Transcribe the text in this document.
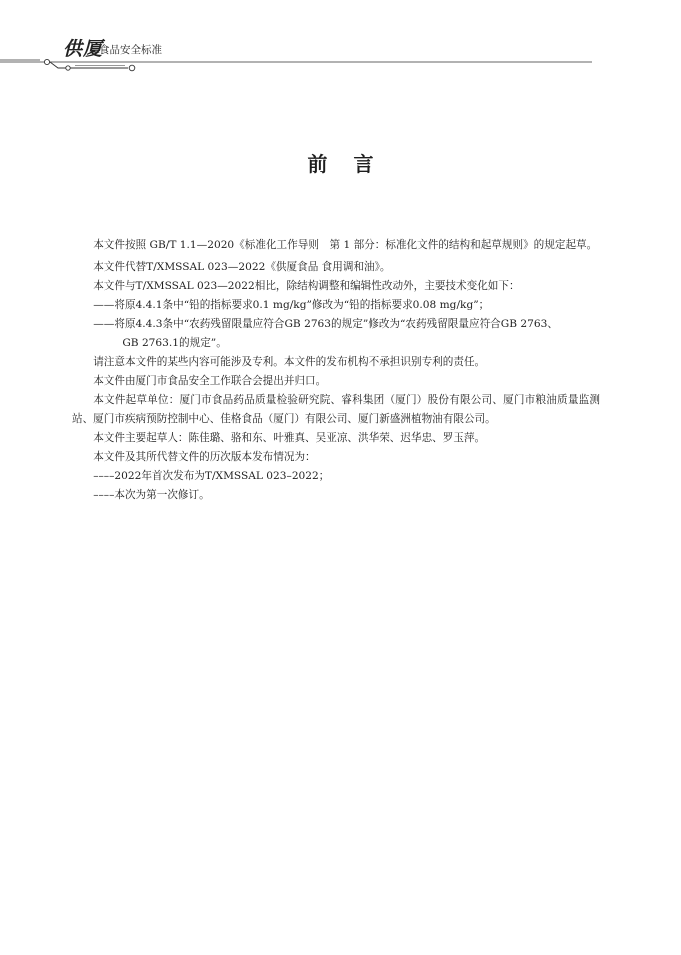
供厦
食品安全标准
前言

本文件按照 GB/T 1.1—2020《标准化工作导则　第 1 部分：标准化文件的结构和起草规则》的规定起草。

本文件代替T/XMSSAL 023—2022《供厦食品 食用调和油》。

本文件与T/XMSSAL 023—2022相比，除结构调整和编辑性改动外，主要技术变化如下：

——将原4.4.1条中“铅的指标要求0.1 mg/kg”修改为“铅的指标要求0.08 mg/kg”；

——将原4.4.3条中“农药残留限量应符合GB 2763的规定”修改为“农药残留限量应符合GB 2763、
GB 2763.1的规定”。

请注意本文件的某些内容可能涉及专利。本文件的发布机构不承担识别专利的责任。

本文件由厦门市食品安全工作联合会提出并归口。

本文件起草单位：厦门市食品药品质量检验研究院、睿科集团（厦门）股份有限公司、厦门市粮油质量监测站、厦门市疾病预防控制中心、佳格食品（厦门）有限公司、厦门新盛洲植物油有限公司。

本文件主要起草人：陈佳璐、骆和东、叶雅真、吴亚凉、洪华荣、迟华忠、罗玉萍。

本文件及其所代替文件的历次版本发布情况为：

––––2022年首次发布为T/XMSSAL 023–2022；

––––本次为第一次修订。
